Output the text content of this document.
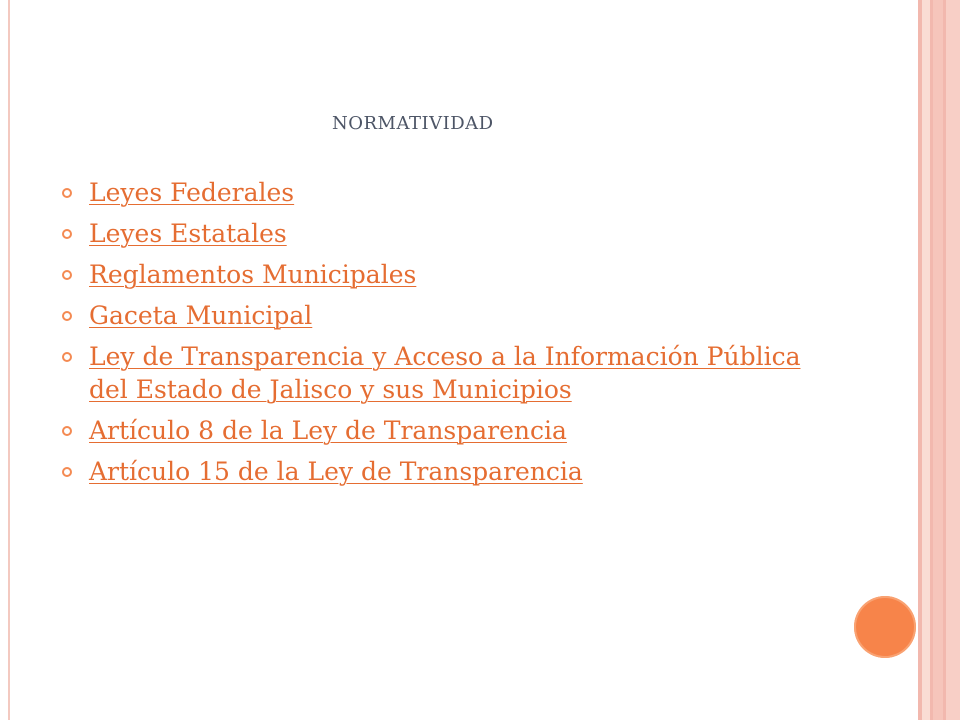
normatividad
Leyes Federales
Leyes Estatales
Reglamentos Municipales
Gaceta Municipal
Ley de Transparencia y Acceso a la Información Pública del Estado de Jalisco y sus Municipios
Artículo 8 de la Ley de Transparencia
Artículo 15 de la Ley de Transparencia
